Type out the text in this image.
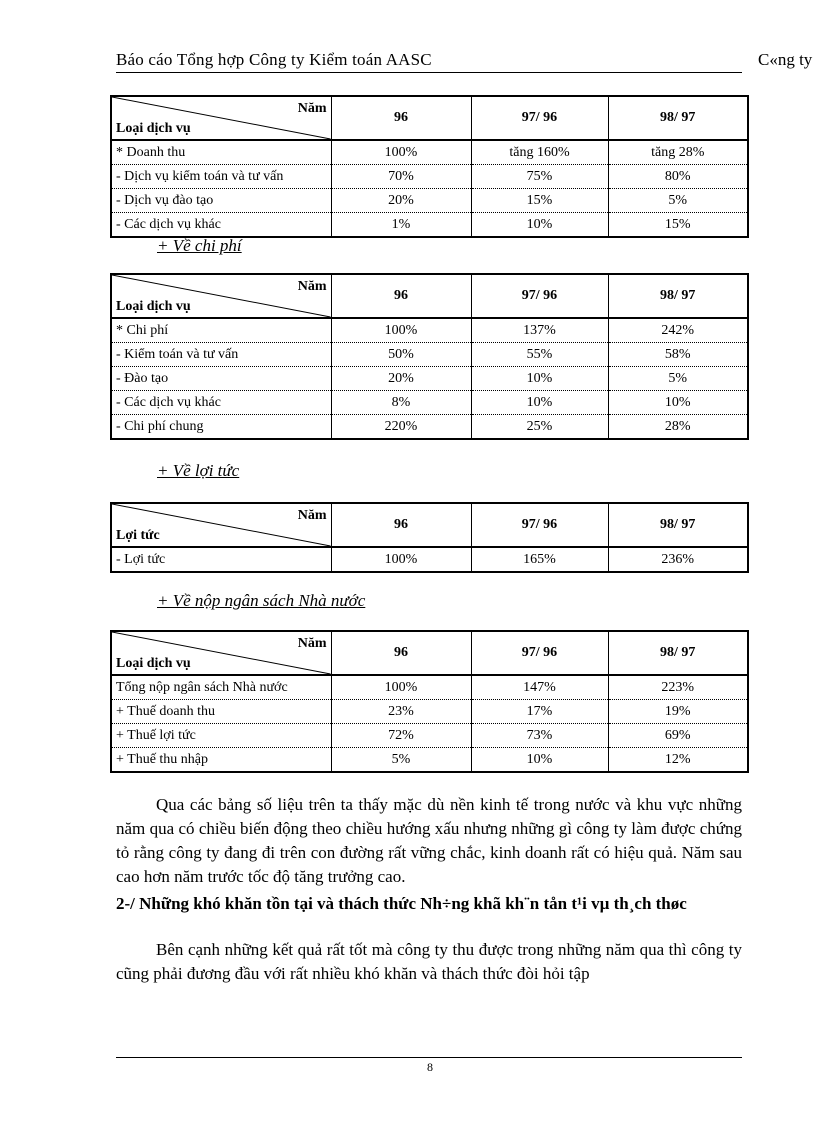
Báo cáo Tổng hợp Công ty Kiểm toán AASC	C«ng ty
Năm
Loại dịch vụ	96	97/ 96	98/ 97
* Doanh thu	100%	tăng 160%	tăng 28%
- Dịch vụ kiểm toán và tư vấn	70%	75%	80%
- Dịch vụ đào tạo	20%	15%	5%
- Các dịch vụ khác	1%	10%	15%
+ Về chi phí
Năm
Loại dịch vụ	96	97/ 96	98/ 97
* Chi phí	100%	137%	242%
- Kiểm toán và tư vấn	50%	55%	58%
- Đào tạo	20%	10%	5%
- Các dịch vụ khác	8%	10%	10%
- Chi phí chung	220%	25%	28%
+ Về lợi tức
Năm
Lợi tức	96	97/ 96	98/ 97
- Lợi tức	100%	165%	236%
+ Về nộp ngân sách Nhà nước
Năm
Loại dịch vụ	96	97/ 96	98/ 97
Tổng nộp ngân sách Nhà nước	100%	147%	223%
+ Thuế doanh thu	23%	17%	19%
+ Thuế lợi tức	72%	73%	69%
+ Thuế thu nhập	5%	10%	12%

Qua các bảng số liệu trên ta thấy mặc dù nền kinh tế trong nước và khu vực những năm qua có chiều biến động theo chiều hướng xấu nhưng những gì công ty làm được chứng tỏ rằng công ty đang đi trên con đường rất vững chắc, kinh doanh rất có hiệu quả. Năm sau cao hơn năm trước tốc độ tăng trưởng cao.

2-/ Những khó khăn tồn tại và thách thức Nh÷ng khã kh¨n tån t¹i vµ th¸ch thøc

Bên cạnh những kết quả rất tốt mà công ty thu được trong những năm qua thì công ty cũng phải đương đầu với rất nhiều khó khăn và thách thức đòi hỏi tập

8
